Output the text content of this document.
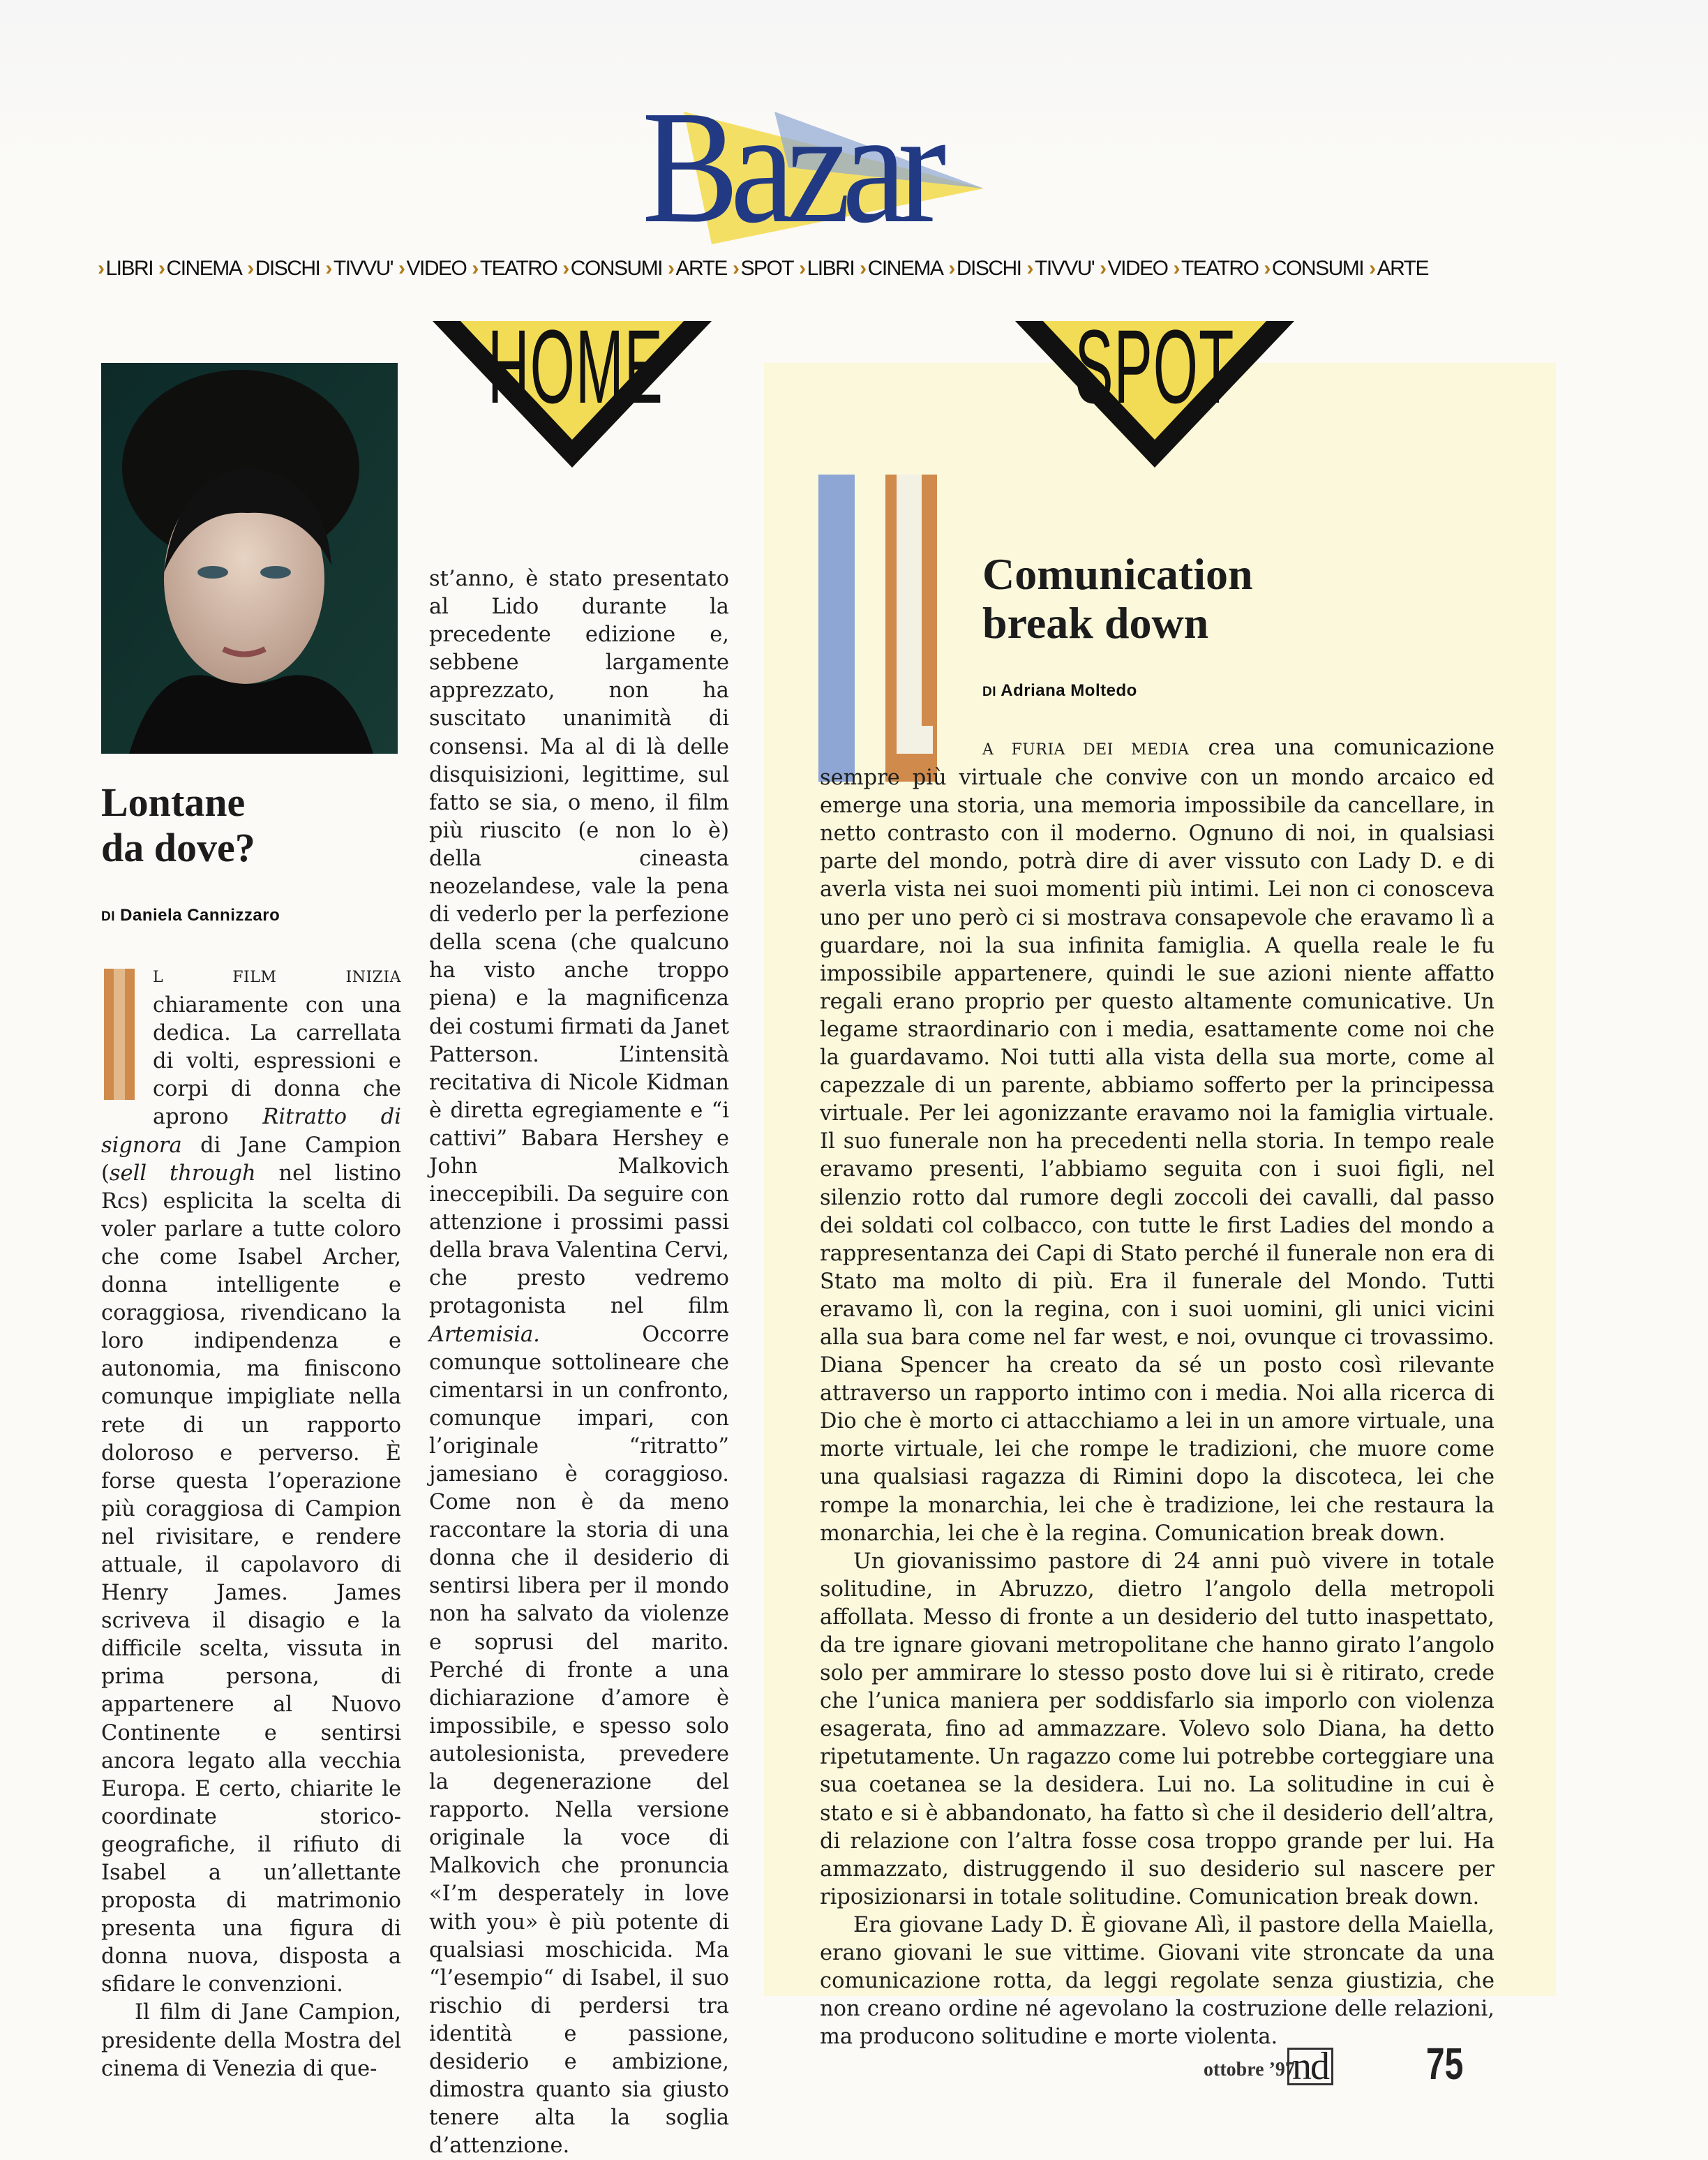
Bazar
› LIBRI › CINEMA › DISCHI › TIVVU' › VIDEO › TEATRO › CONSUMI › ARTE › SPOT › LIBRI › CINEMA › DISCHI › TIVVU' › VIDEO › TEATRO › CONSUMI › ARTE
HOME	SPOT
Lontane
da dove?
DI Daniela Cannizzaro

L FILM INIZIA chiaramente con una dedica. La carrellata di volti, espressioni e corpi di donna che aprono Ritratto di signora di Jane Campion (sell through nel listino Rcs) esplicita la scelta di voler parlare a tutte coloro che come Isabel Archer, donna intelligente e coraggiosa, rivendicano la loro indipendenza e autonomia, ma finiscono comunque impigliate nella rete di un rapporto doloroso e perverso. È forse questa l’operazione più coraggiosa di Campion nel rivisitare, e rendere attuale, il capolavoro di Henry James. James scriveva il disagio e la difficile scelta, vissuta in prima persona, di appartenere al Nuovo Continente e sentirsi ancora legato alla vecchia Europa. E certo, chiarite le coordinate storico-geografiche, il rifiuto di Isabel a un’allettante proposta di matrimonio presenta una figura di donna nuova, disposta a sfidare le convenzioni.

Il film di Jane Campion, presidente della Mostra del cinema di Venezia di que-

st’anno, è stato presentato al Lido durante la precedente edizione e, sebbene largamente apprezzato, non ha suscitato unanimità di consensi. Ma al di là delle disquisizioni, legittime, sul fatto se sia, o meno, il film più riuscito (e non lo è) della cineasta neozelandese, vale la pena di vederlo per la perfezione della scena (che qualcuno ha visto anche troppo piena) e la magnificenza dei costumi firmati da Janet Patterson. L’intensità recitativa di Nicole Kidman è diretta egregiamente e “i cattivi” Babara Hershey e John Malkovich ineccepibili. Da seguire con attenzione i prossimi passi della brava Valentina Cervi, che presto vedremo protagonista nel film Artemisia. Occorre comunque sottolineare che cimentarsi in un confronto, comunque impari, con l’originale “ritratto” jamesiano è coraggioso. Come non è da meno raccontare la storia di una donna che il desiderio di sentirsi libera per il mondo non ha salvato da violenze e soprusi del marito. Perché di fronte a una dichiarazione d’amore è impossibile, e spesso solo autolesionista, prevedere la degenerazione del rapporto. Nella versione originale la voce di Malkovich che pronuncia «I’m desperately in love with you» è più potente di qualsiasi moschicida. Ma “l’esempio“ di Isabel, il suo rischio di perdersi tra identità e passione, desiderio e ambizione, dimostra quanto sia giusto tenere alta la soglia d’attenzione.

Comunication
break down
DI Adriana Moltedo

A FURIA DEI MEDIA crea una comunicazione sempre più virtuale che convive con un mondo arcaico ed emerge una storia, una memoria impossibile da cancellare, in netto contrasto con il moderno. Ognuno di noi, in qualsiasi parte del mondo, potrà dire di aver vissuto con Lady D. e di averla vista nei suoi momenti più intimi. Lei non ci conosceva uno per uno però ci si mostrava consapevole che eravamo lì a guardare, noi la sua infinita famiglia. A quella reale le fu impossibile appartenere, quindi le sue azioni niente affatto regali erano proprio per questo altamente comunicative. Un legame straordinario con i media, esattamente come noi che la guardavamo. Noi tutti alla vista della sua morte, come al capezzale di un parente, abbiamo sofferto per la principessa virtuale. Per lei agonizzante eravamo noi la famiglia virtuale. Il suo funerale non ha precedenti nella storia. In tempo reale eravamo presenti, l’abbiamo seguita con i suoi figli, nel silenzio rotto dal rumore degli zoccoli dei cavalli, dal passo dei soldati col colbacco, con tutte le first Ladies del mondo a rappresentanza dei Capi di Stato perché il funerale non era di Stato ma molto di più. Era il funerale del Mondo. Tutti eravamo lì, con la regina, con i suoi uomini, gli unici vicini alla sua bara come nel far west, e noi, ovunque ci trovassimo. Diana Spencer ha creato da sé un posto così rilevante attraverso un rapporto intimo con i media. Noi alla ricerca di Dio che è morto ci attacchiamo a lei in un amore virtuale, una morte virtuale, lei che rompe le tradizioni, che muore come una qualsiasi ragazza di Rimini dopo la discoteca, lei che rompe la monarchia, lei che è tradizione, lei che restaura la monarchia, lei che è la regina. Comunication break down.

Un giovanissimo pastore di 24 anni può vivere in totale solitudine, in Abruzzo, dietro l’angolo della metropoli affollata. Messo di fronte a un desiderio del tutto inaspettato, da tre ignare giovani metropolitane che hanno girato l’angolo solo per ammirare lo stesso posto dove lui si è ritirato, crede che l’unica maniera per soddisfarlo sia imporlo con violenza esagerata, fino ad ammazzare. Volevo solo Diana, ha detto ripetutamente. Un ragazzo come lui potrebbe corteggiare una sua coetanea se la desidera. Lui no. La solitudine in cui è stato e si è abbandonato, ha fatto sì che il desiderio dell’altra, di relazione con l’altra fosse cosa troppo grande per lui. Ha ammazzato, distruggendo il suo desiderio sul nascere per riposizionarsi in totale solitudine. Comunication break down.

Era giovane Lady D. È giovane Alì, il pastore della Maiella, erano giovani le sue vittime. Giovani vite stroncate da una comunicazione rotta, da leggi regolate senza giustizia, che non creano ordine né agevolano la costruzione delle relazioni, ma producono solitudine e morte violenta.

ottobre ’97
nd 75
